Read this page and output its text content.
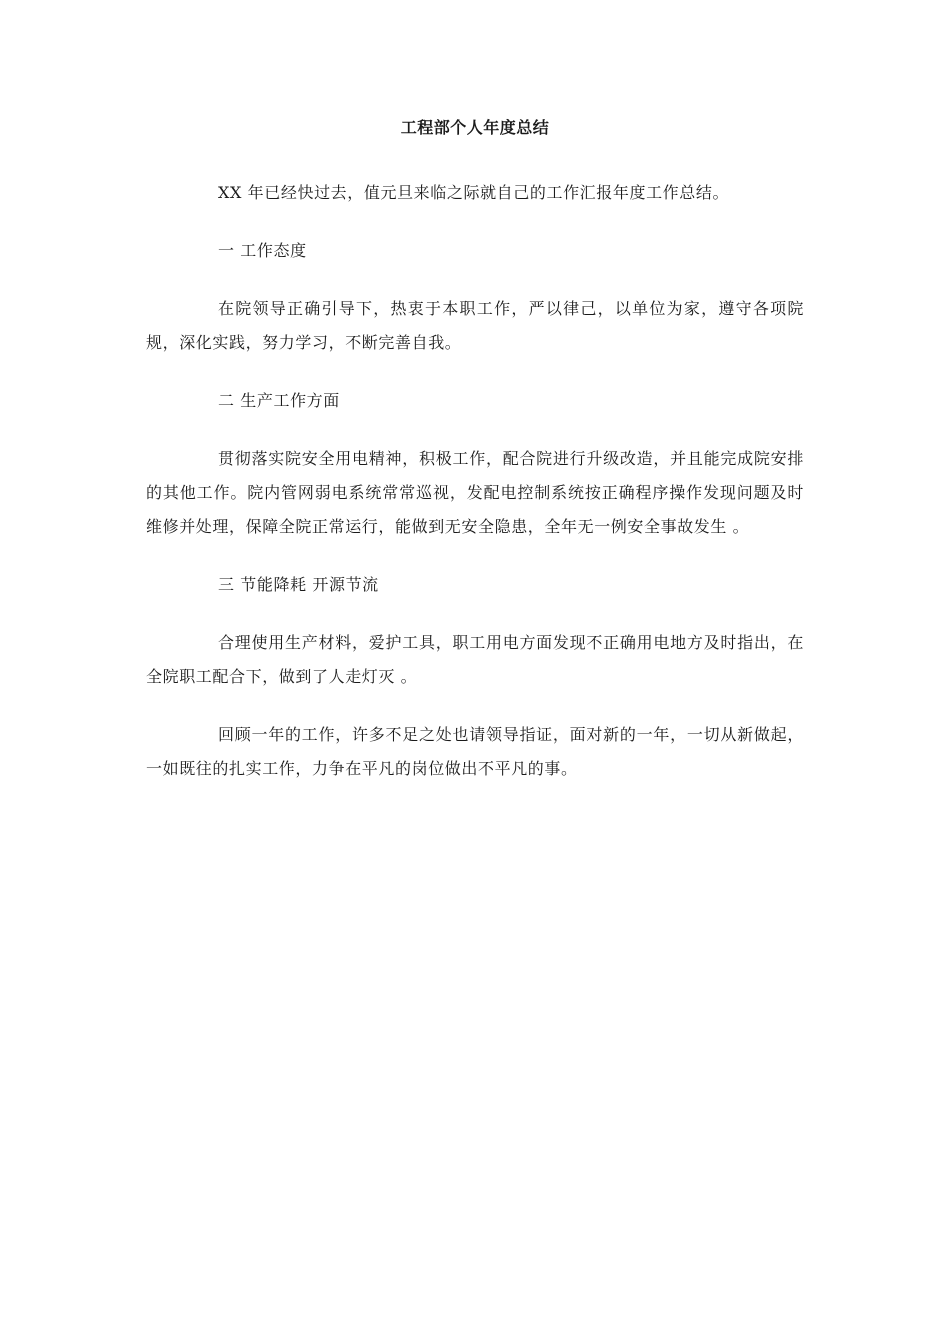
工程部个人年度总结

XX 年已经快过去，值元旦来临之际就自己的工作汇报年度工作总结。

一 工作态度

在院领导正确引导下，热衷于本职工作，严以律己，以单位为家，遵守各项院规，深化实践，努力学习，不断完善自我。

二 生产工作方面

贯彻落实院安全用电精神，积极工作，配合院进行升级改造，并且能完成院安排的其他工作。院内管网弱电系统常常巡视，发配电控制系统按正确程序操作发现问题及时维修并处理，保障全院正常运行，能做到无安全隐患，全年无一例安全事故发生 。

三 节能降耗 开源节流

合理使用生产材料，爱护工具，职工用电方面发现不正确用电地方及时指出，在全院职工配合下，做到了人走灯灭 。

回顾一年的工作，许多不足之处也请领导指证，面对新的一年，一切从新做起，一如既往的扎实工作，力争在平凡的岗位做出不平凡的事。
